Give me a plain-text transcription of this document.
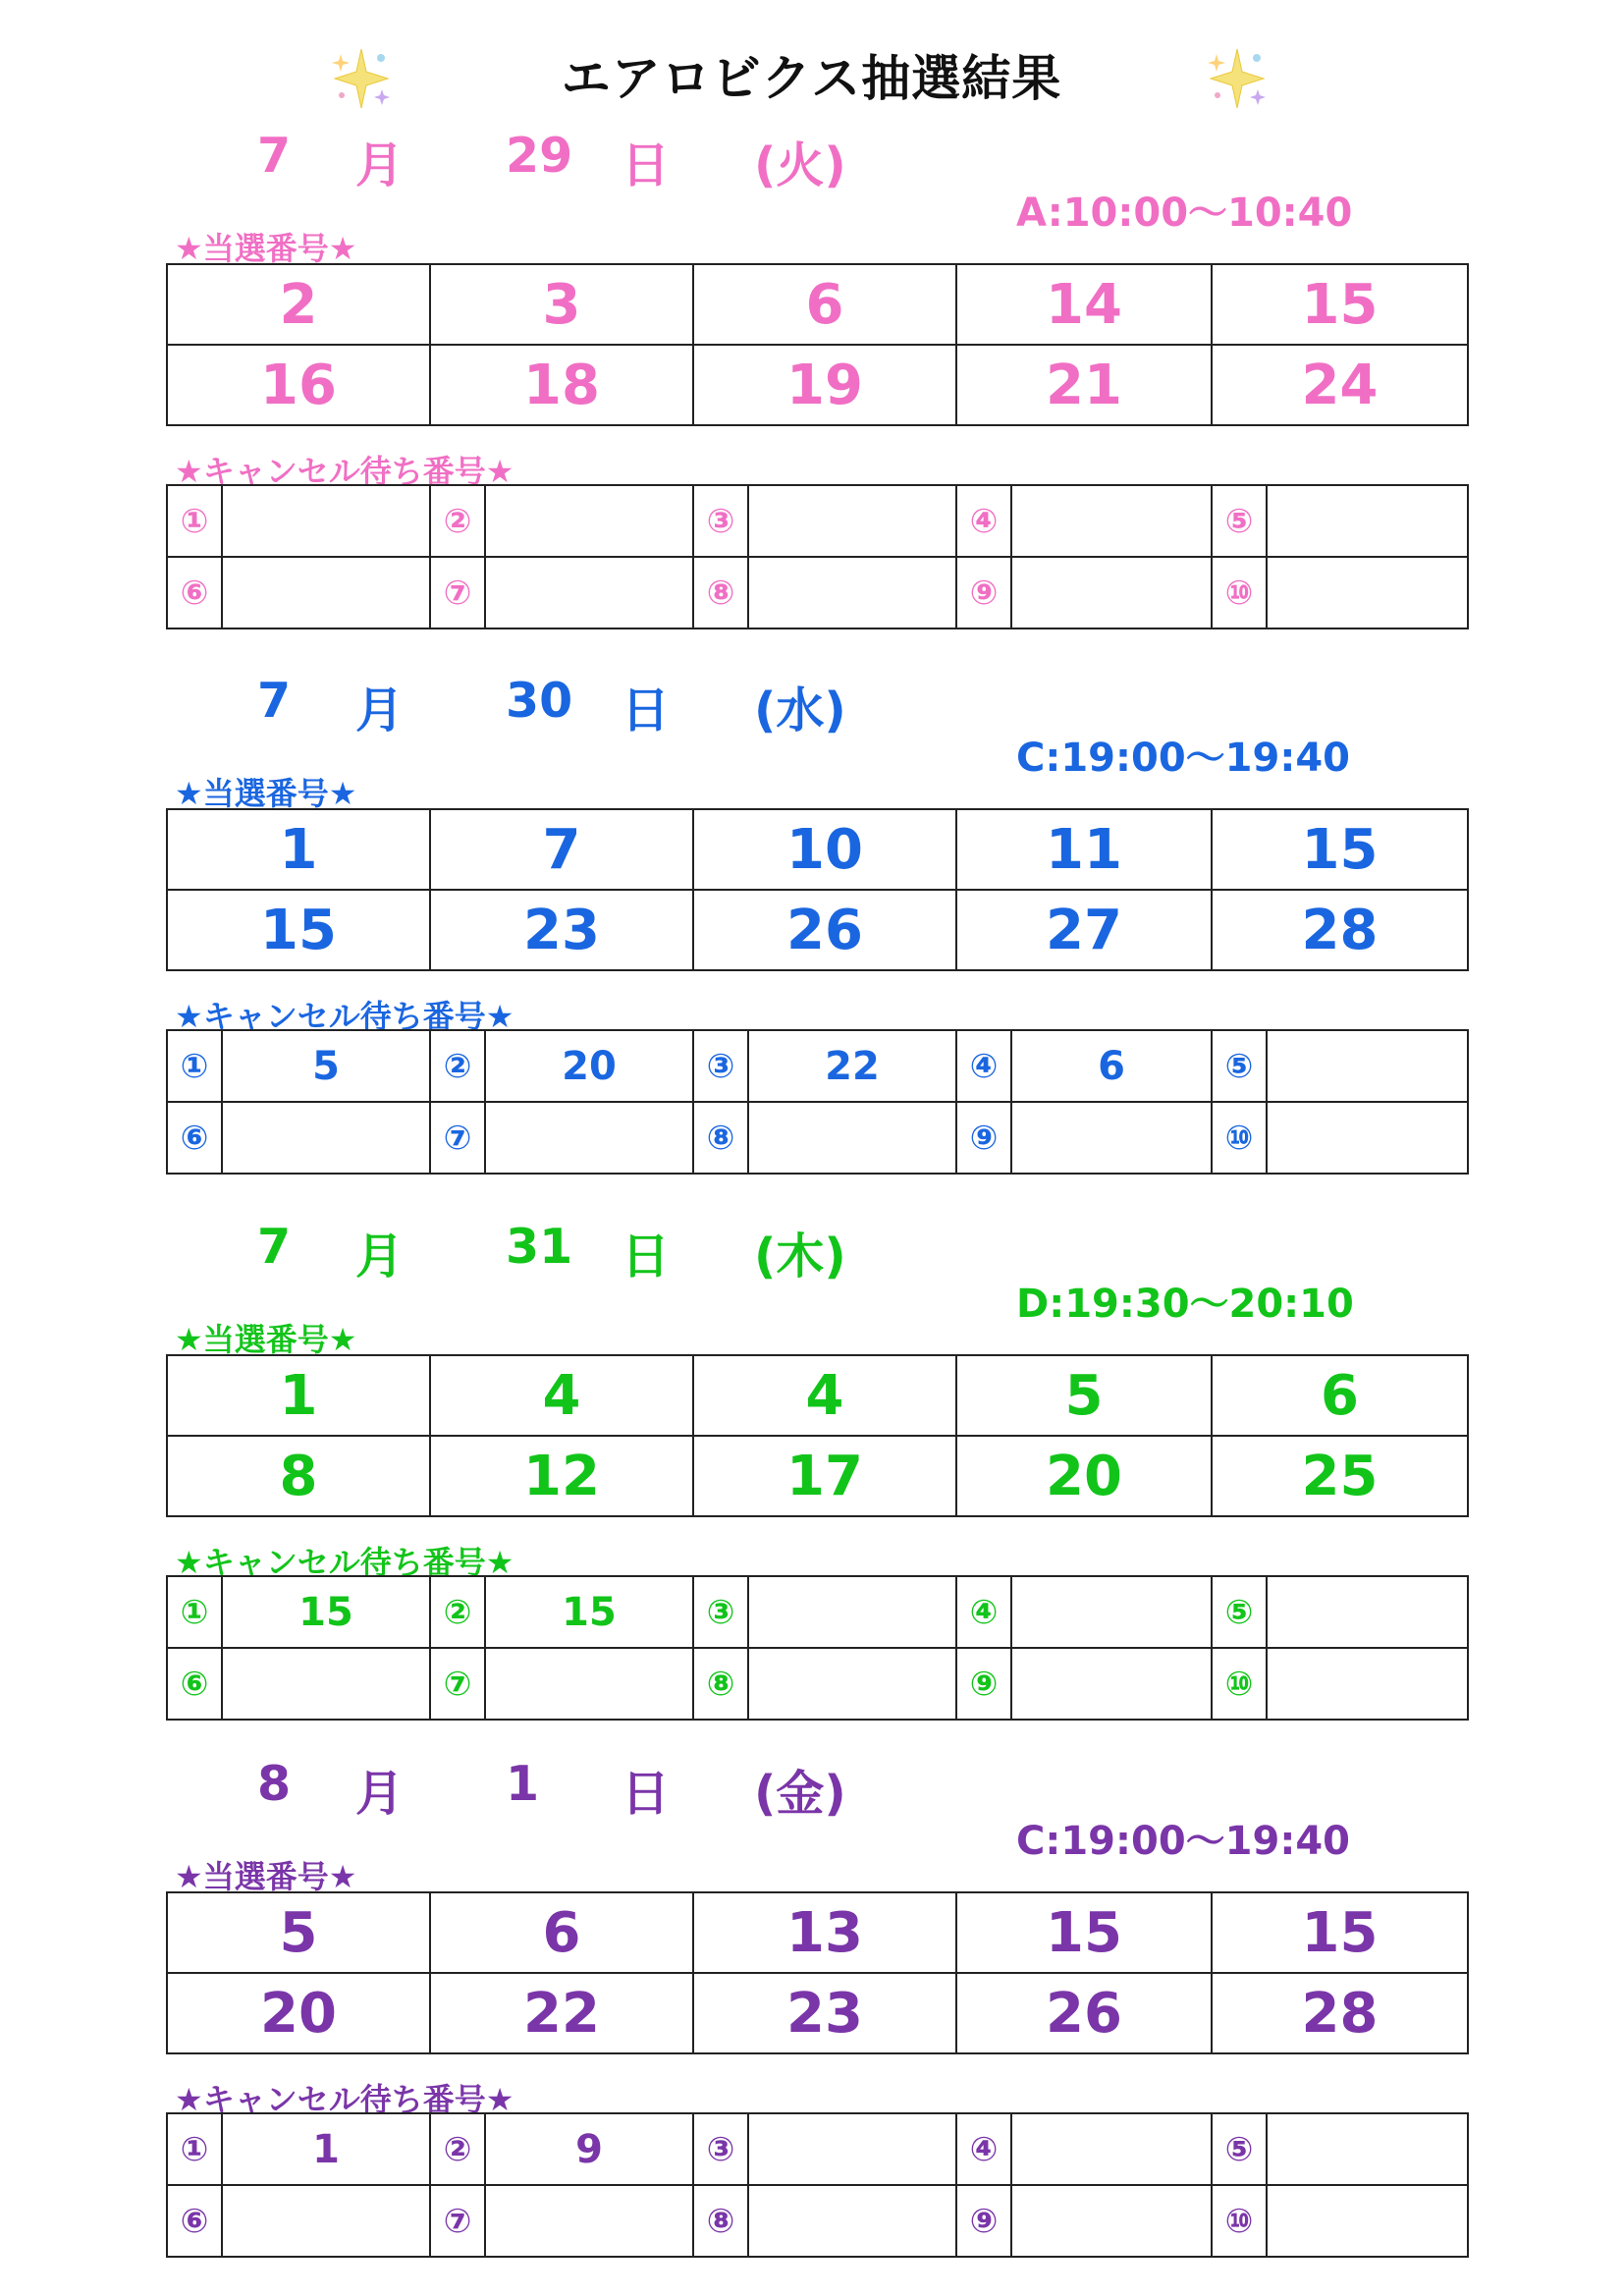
エアロビクス抽選結果
7 月 29 日 (火)
A:10:00～10:40
★当選番号★
2	3	6	14	15
16	18	19	21	24
★キャンセル待ち番号★
①		②		③		④		⑤	
⑥		⑦		⑧		⑨		⑩	
7 月 30 日 (水)
C:19:00～19:40
★当選番号★
1	7	10	11	15
15	23	26	27	28
★キャンセル待ち番号★
①	5	②	20	③	22	④	6	⑤	
⑥		⑦		⑧		⑨		⑩	
7 月 31 日 (木)
D:19:30～20:10
★当選番号★
1	4	4	5	6
8	12	17	20	25
★キャンセル待ち番号★
①	15	②	15	③		④		⑤	
⑥		⑦		⑧		⑨		⑩	
8 月 1 日 (金)
C:19:00～19:40
★当選番号★
5	6	13	15	15
20	22	23	26	28
★キャンセル待ち番号★
①	1	②	9	③		④		⑤	
⑥		⑦		⑧		⑨		⑩	
